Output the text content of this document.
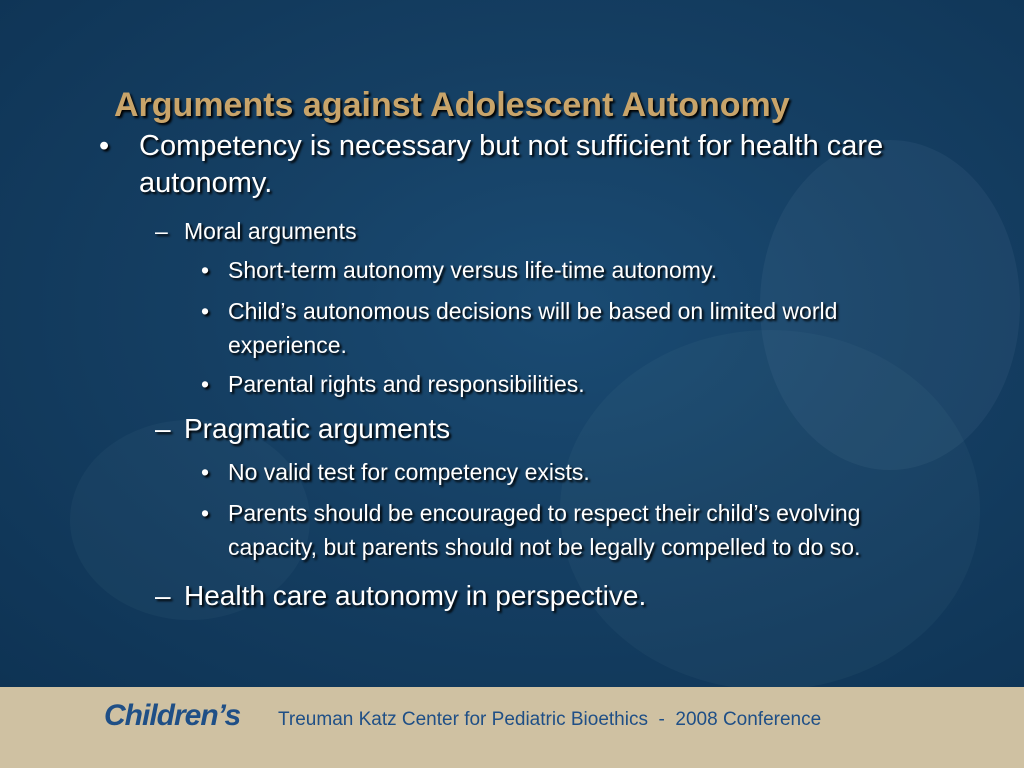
Arguments against Adolescent Autonomy
• Competency is necessary but not sufficient for health care autonomy.
– Moral arguments
• Short-term autonomy versus life-time autonomy.
• Child’s autonomous decisions will be based on limited world experience.
• Parental rights and responsibilities.
– Pragmatic arguments
• No valid test for competency exists.
• Parents should be encouraged to respect their child’s evolving capacity, but parents should not be legally compelled to do so.
– Health care autonomy in perspective.
Children’s Treuman Katz Center for Pediatric Bioethics  -  2008 Conference
